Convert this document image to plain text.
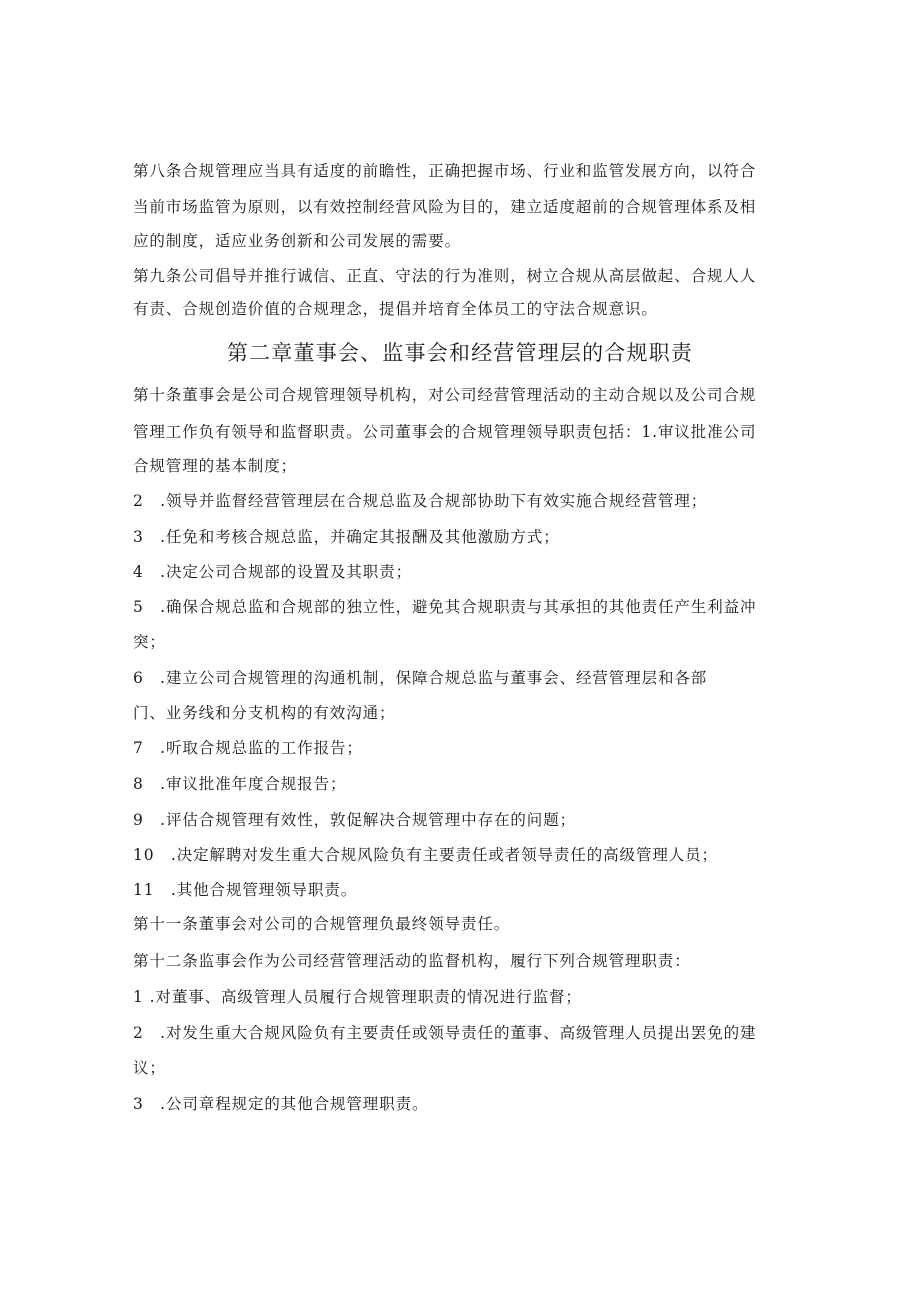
第八条合规管理应当具有适度的前瞻性，正确把握市场、行业和监管发展方向，以符合
当前市场监管为原则，以有效控制经营风险为目的，建立适度超前的合规管理体系及相
应的制度，适应业务创新和公司发展的需要。
第九条公司倡导并推行诚信、正直、守法的行为准则，树立合规从高层做起、合规人人
有责、合规创造价值的合规理念，提倡并培育全体员工的守法合规意识。
第二章董事会、监事会和经营管理层的合规职责
第十条董事会是公司合规管理领导机构，对公司经营管理活动的主动合规以及公司合规
管理工作负有领导和监督职责。公司董事会的合规管理领导职责包括：1.审议批准公司
合规管理的基本制度；
2　.领导并监督经营管理层在合规总监及合规部协助下有效实施合规经营管理；
3　.任免和考核合规总监，并确定其报酬及其他激励方式；
4　.决定公司合规部的设置及其职责；
5　.确保合规总监和合规部的独立性，避免其合规职责与其承担的其他责任产生利益冲
突；
6　.建立公司合规管理的沟通机制，保障合规总监与董事会、经营管理层和各部
门、业务线和分支机构的有效沟通；
7　.听取合规总监的工作报告；
8　.审议批准年度合规报告；
9　.评估合规管理有效性，敦促解决合规管理中存在的问题；
10　.决定解聘对发生重大合规风险负有主要责任或者领导责任的高级管理人员；
11　.其他合规管理领导职责。
第十一条董事会对公司的合规管理负最终领导责任。
第十二条监事会作为公司经营管理活动的监督机构，履行下列合规管理职责：
1 .对董事、高级管理人员履行合规管理职责的情况进行监督；
2　.对发生重大合规风险负有主要责任或领导责任的董事、高级管理人员提出罢免的建
议；
3　.公司章程规定的其他合规管理职责。
